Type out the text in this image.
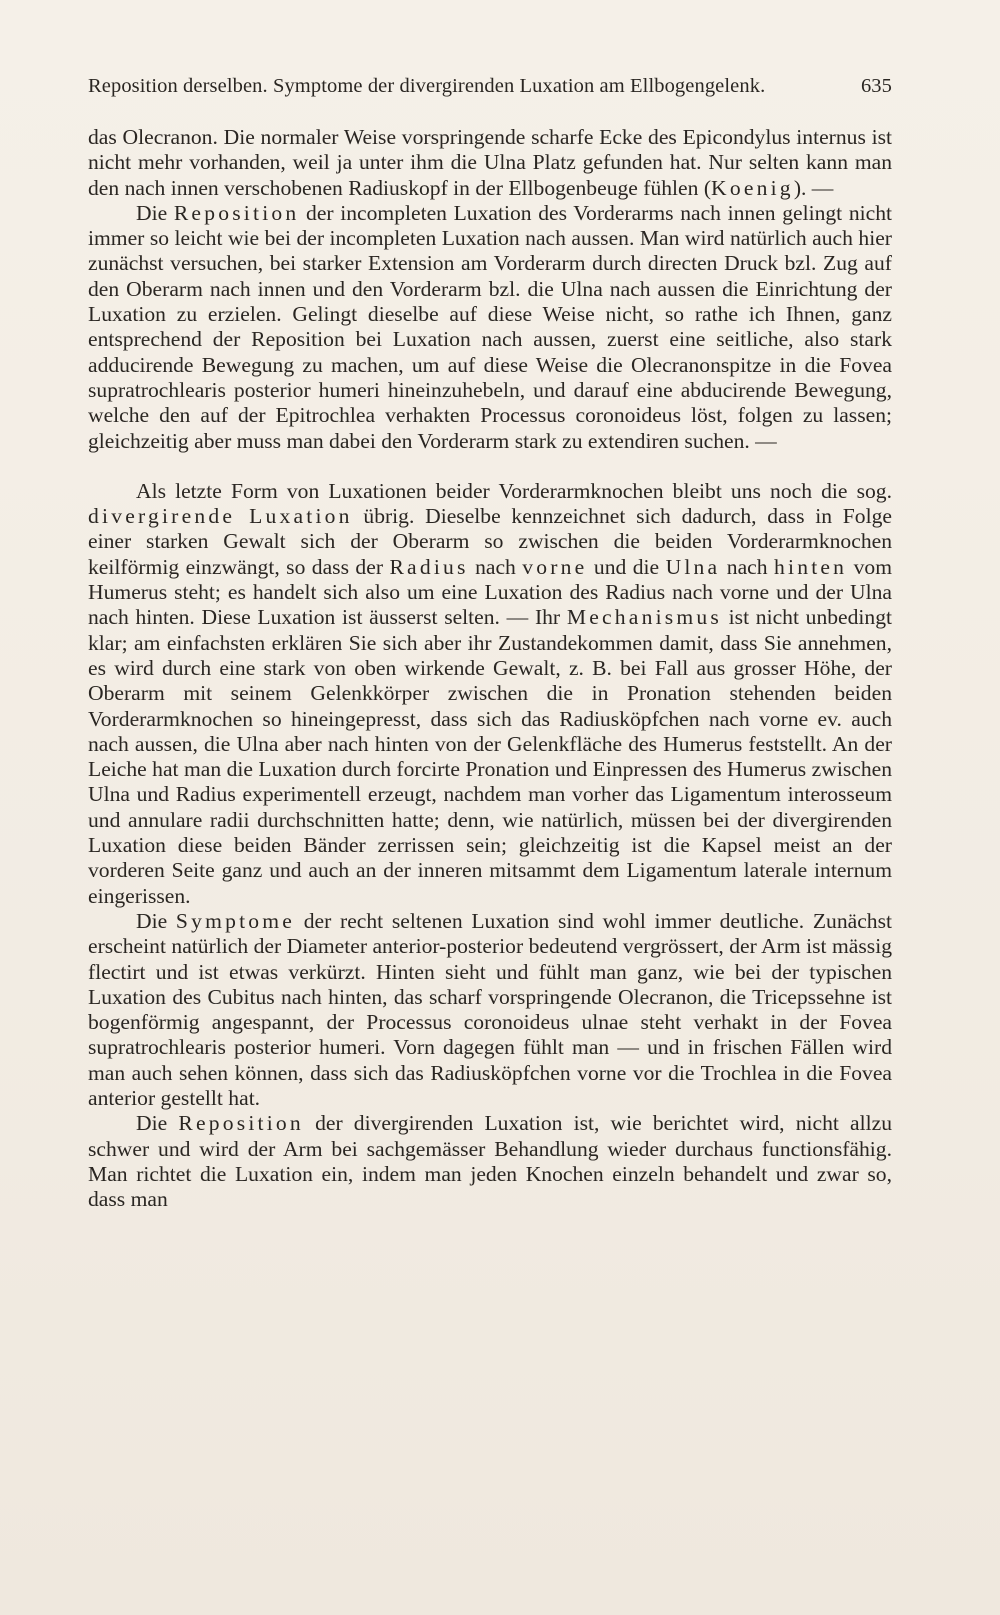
Reposition derselben. Symptome der divergirenden Luxation am Ellbogengelenk.	635

das Olecranon. Die normaler Weise vorspringende scharfe Ecke des Epicondylus internus ist nicht mehr vorhanden, weil ja unter ihm die Ulna Platz gefunden hat. Nur selten kann man den nach innen verschobenen Radiuskopf in der Ellbogenbeuge fühlen (Koenig). —

Die Reposition der incompleten Luxation des Vorderarms nach innen gelingt nicht immer so leicht wie bei der incompleten Luxation nach aussen. Man wird natürlich auch hier zunächst versuchen, bei starker Extension am Vorderarm durch directen Druck bzl. Zug auf den Oberarm nach innen und den Vorderarm bzl. die Ulna nach aussen die Einrichtung der Luxation zu erzielen. Gelingt dieselbe auf diese Weise nicht, so rathe ich Ihnen, ganz entsprechend der Reposition bei Luxation nach aussen, zuerst eine seitliche, also stark adducirende Bewegung zu machen, um auf diese Weise die Olecranonspitze in die Fovea supratrochlearis posterior humeri hineinzuhebeln, und darauf eine abducirende Bewegung, welche den auf der Epitrochlea verhakten Processus coronoideus löst, folgen zu lassen; gleichzeitig aber muss man dabei den Vorderarm stark zu extendiren suchen. —

Als letzte Form von Luxationen beider Vorderarmknochen bleibt uns noch die sog. divergirende Luxation übrig. Dieselbe kennzeichnet sich dadurch, dass in Folge einer starken Gewalt sich der Oberarm so zwischen die beiden Vorderarmknochen keilförmig einzwängt, so dass der Radius nach vorne und die Ulna nach hinten vom Humerus steht; es handelt sich also um eine Luxation des Radius nach vorne und der Ulna nach hinten. Diese Luxation ist äusserst selten. — Ihr Mechanismus ist nicht unbedingt klar; am einfachsten erklären Sie sich aber ihr Zustandekommen damit, dass Sie annehmen, es wird durch eine stark von oben wirkende Gewalt, z. B. bei Fall aus grosser Höhe, der Oberarm mit seinem Gelenkkörper zwischen die in Pronation stehenden beiden Vorderarmknochen so hineingepresst, dass sich das Radiusköpfchen nach vorne ev. auch nach aussen, die Ulna aber nach hinten von der Gelenkfläche des Humerus feststellt. An der Leiche hat man die Luxation durch forcirte Pronation und Einpressen des Humerus zwischen Ulna und Radius experimentell erzeugt, nachdem man vorher das Ligamentum interosseum und annulare radii durchschnitten hatte; denn, wie natürlich, müssen bei der divergirenden Luxation diese beiden Bänder zerrissen sein; gleichzeitig ist die Kapsel meist an der vorderen Seite ganz und auch an der inneren mitsammt dem Ligamentum laterale internum eingerissen.

Die Symptome der recht seltenen Luxation sind wohl immer deutliche. Zunächst erscheint natürlich der Diameter anterior-posterior bedeutend vergrössert, der Arm ist mässig flectirt und ist etwas verkürzt. Hinten sieht und fühlt man ganz, wie bei der typischen Luxation des Cubitus nach hinten, das scharf vorspringende Olecranon, die Tricepssehne ist bogenförmig angespannt, der Processus coronoideus ulnae steht verhakt in der Fovea supratrochlearis posterior humeri. Vorn dagegen fühlt man — und in frischen Fällen wird man auch sehen können, dass sich das Radiusköpfchen vorne vor die Trochlea in die Fovea anterior gestellt hat.

Die Reposition der divergirenden Luxation ist, wie berichtet wird, nicht allzu schwer und wird der Arm bei sachgemässer Behandlung wieder durchaus functionsfähig. Man richtet die Luxation ein, indem man jeden Knochen einzeln behandelt und zwar so, dass man
